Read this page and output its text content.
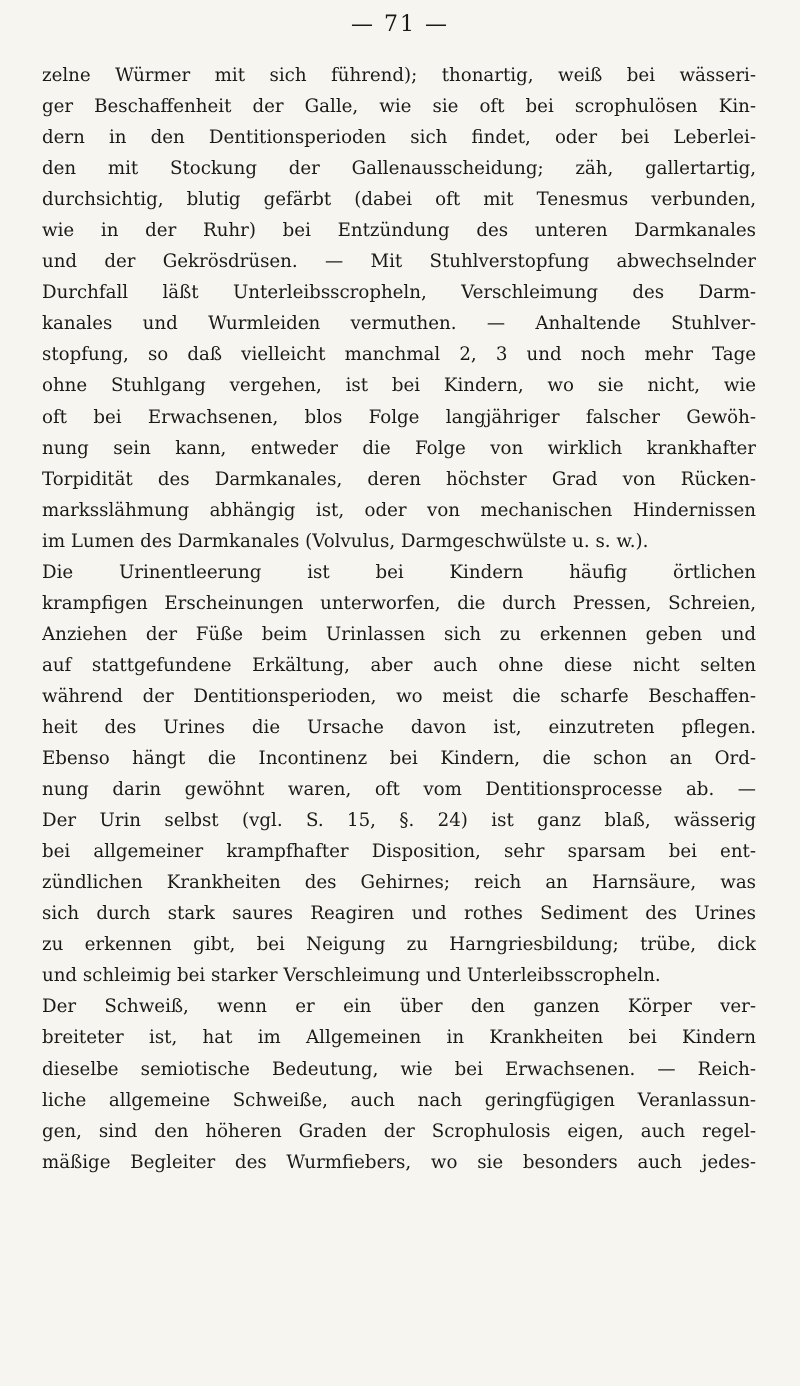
— 71 —
zelne Würmer mit sich führend); thonartig, weiß bei wässeri-
ger Beschaffenheit der Galle, wie sie oft bei scrophulösen Kin-
dern in den Dentitionsperioden sich findet, oder bei Leberlei-
den mit Stockung der Gallenausscheidung; zäh, gallertartig,
durchsichtig, blutig gefärbt (dabei oft mit Tenesmus verbunden,
wie in der Ruhr) bei Entzündung des unteren Darmkanales
und der Gekrösdrüsen. — Mit Stuhlverstopfung abwechselnder
Durchfall läßt Unterleibsscropheln, Verschleimung des Darm-
kanales und Wurmleiden vermuthen. — Anhaltende Stuhlver-
stopfung, so daß vielleicht manchmal 2, 3 und noch mehr Tage
ohne Stuhlgang vergehen, ist bei Kindern, wo sie nicht, wie
oft bei Erwachsenen, blos Folge langjähriger falscher Gewöh-
nung sein kann, entweder die Folge von wirklich krankhafter
Torpidität des Darmkanales, deren höchster Grad von Rücken-
marksslähmung abhängig ist, oder von mechanischen Hindernissen
im Lumen des Darmkanales (Volvulus, Darmgeschwülste u. s. w.).
Die Urinentleerung ist bei Kindern häufig örtlichen
krampfigen Erscheinungen unterworfen, die durch Pressen, Schreien,
Anziehen der Füße beim Urinlassen sich zu erkennen geben und
auf stattgefundene Erkältung, aber auch ohne diese nicht selten
während der Dentitionsperioden, wo meist die scharfe Beschaffen-
heit des Urines die Ursache davon ist, einzutreten pflegen.
Ebenso hängt die Incontinenz bei Kindern, die schon an Ord-
nung darin gewöhnt waren, oft vom Dentitionsprocesse ab. —
Der Urin selbst (vgl. S. 15, §. 24) ist ganz blaß, wässerig
bei allgemeiner krampfhafter Disposition, sehr sparsam bei ent-
zündlichen Krankheiten des Gehirnes; reich an Harnsäure, was
sich durch stark saures Reagiren und rothes Sediment des Urines
zu erkennen gibt, bei Neigung zu Harngriesbildung; trübe, dick
und schleimig bei starker Verschleimung und Unterleibsscropheln.
Der Schweiß, wenn er ein über den ganzen Körper ver-
breiteter ist, hat im Allgemeinen in Krankheiten bei Kindern
dieselbe semiotische Bedeutung, wie bei Erwachsenen. — Reich-
liche allgemeine Schweiße, auch nach geringfügigen Veranlassun-
gen, sind den höheren Graden der Scrophulosis eigen, auch regel-
mäßige Begleiter des Wurmfiebers, wo sie besonders auch jedes-
